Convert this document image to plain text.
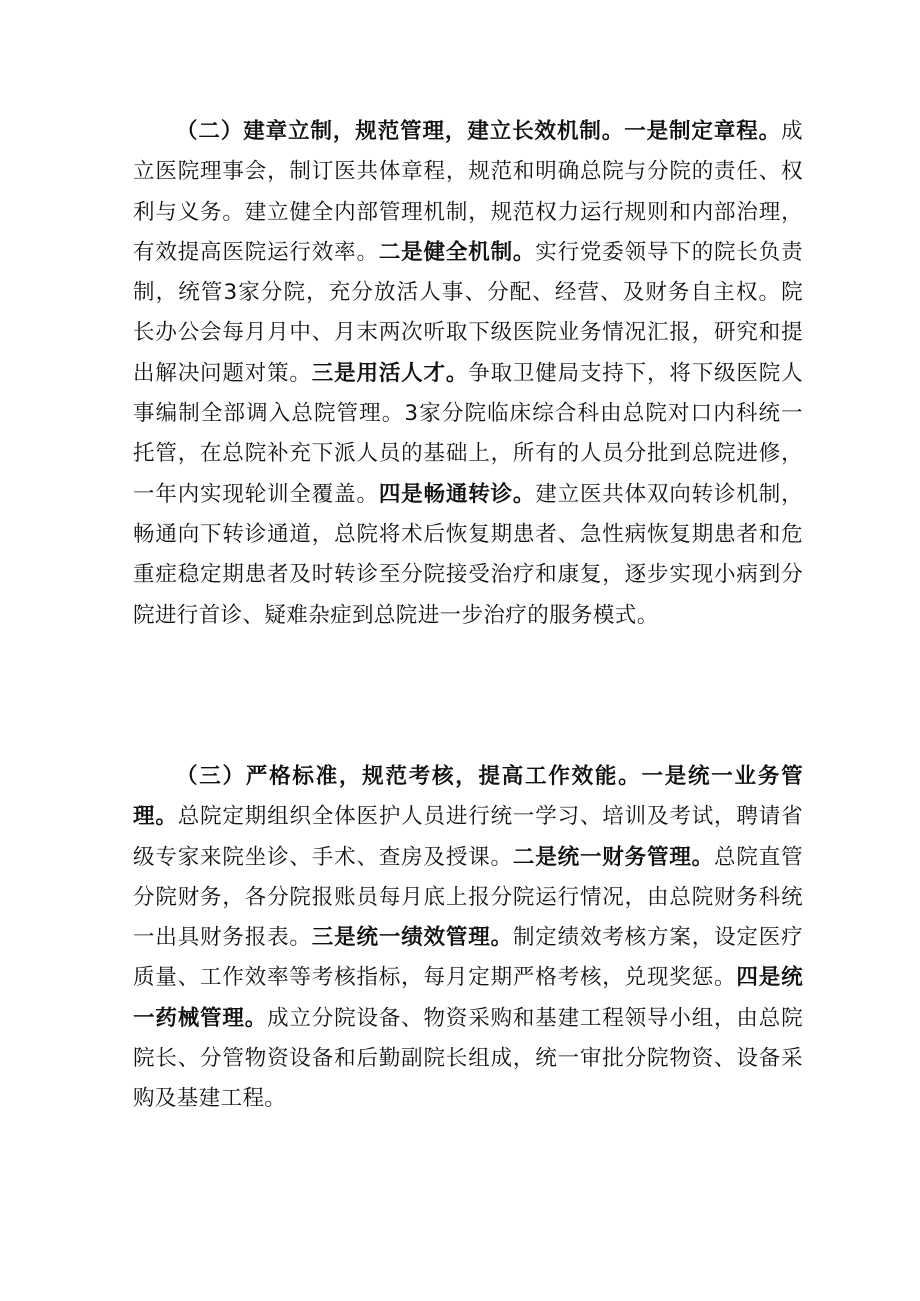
（二）建章立制，规范管理，建立长效机制。一是制定章程。成立医院理事会，制订医共体章程，规范和明确总院与分院的责任、权利与义务。建立健全内部管理机制，规范权力运行规则和内部治理，有效提高医院运行效率。二是健全机制。实行党委领导下的院长负责制，统管3家分院，充分放活人事、分配、经营、及财务自主权。院长办公会每月月中、月末两次听取下级医院业务情况汇报，研究和提出解决问题对策。三是用活人才。争取卫健局支持下，将下级医院人事编制全部调入总院管理。3家分院临床综合科由总院对口内科统一托管，在总院补充下派人员的基础上，所有的人员分批到总院进修，一年内实现轮训全覆盖。四是畅通转诊。建立医共体双向转诊机制，畅通向下转诊通道，总院将术后恢复期患者、急性病恢复期患者和危重症稳定期患者及时转诊至分院接受治疗和康复，逐步实现小病到分院进行首诊、疑难杂症到总院进一步治疗的服务模式。

（三）严格标准，规范考核，提高工作效能。一是统一业务管理。总院定期组织全体医护人员进行统一学习、培训及考试，聘请省级专家来院坐诊、手术、查房及授课。二是统一财务管理。总院直管分院财务，各分院报账员每月底上报分院运行情况，由总院财务科统一出具财务报表。三是统一绩效管理。制定绩效考核方案，设定医疗质量、工作效率等考核指标，每月定期严格考核，兑现奖惩。四是统一药械管理。成立分院设备、物资采购和基建工程领导小组，由总院院长、分管物资设备和后勤副院长组成，统一审批分院物资、设备采购及基建工程。
